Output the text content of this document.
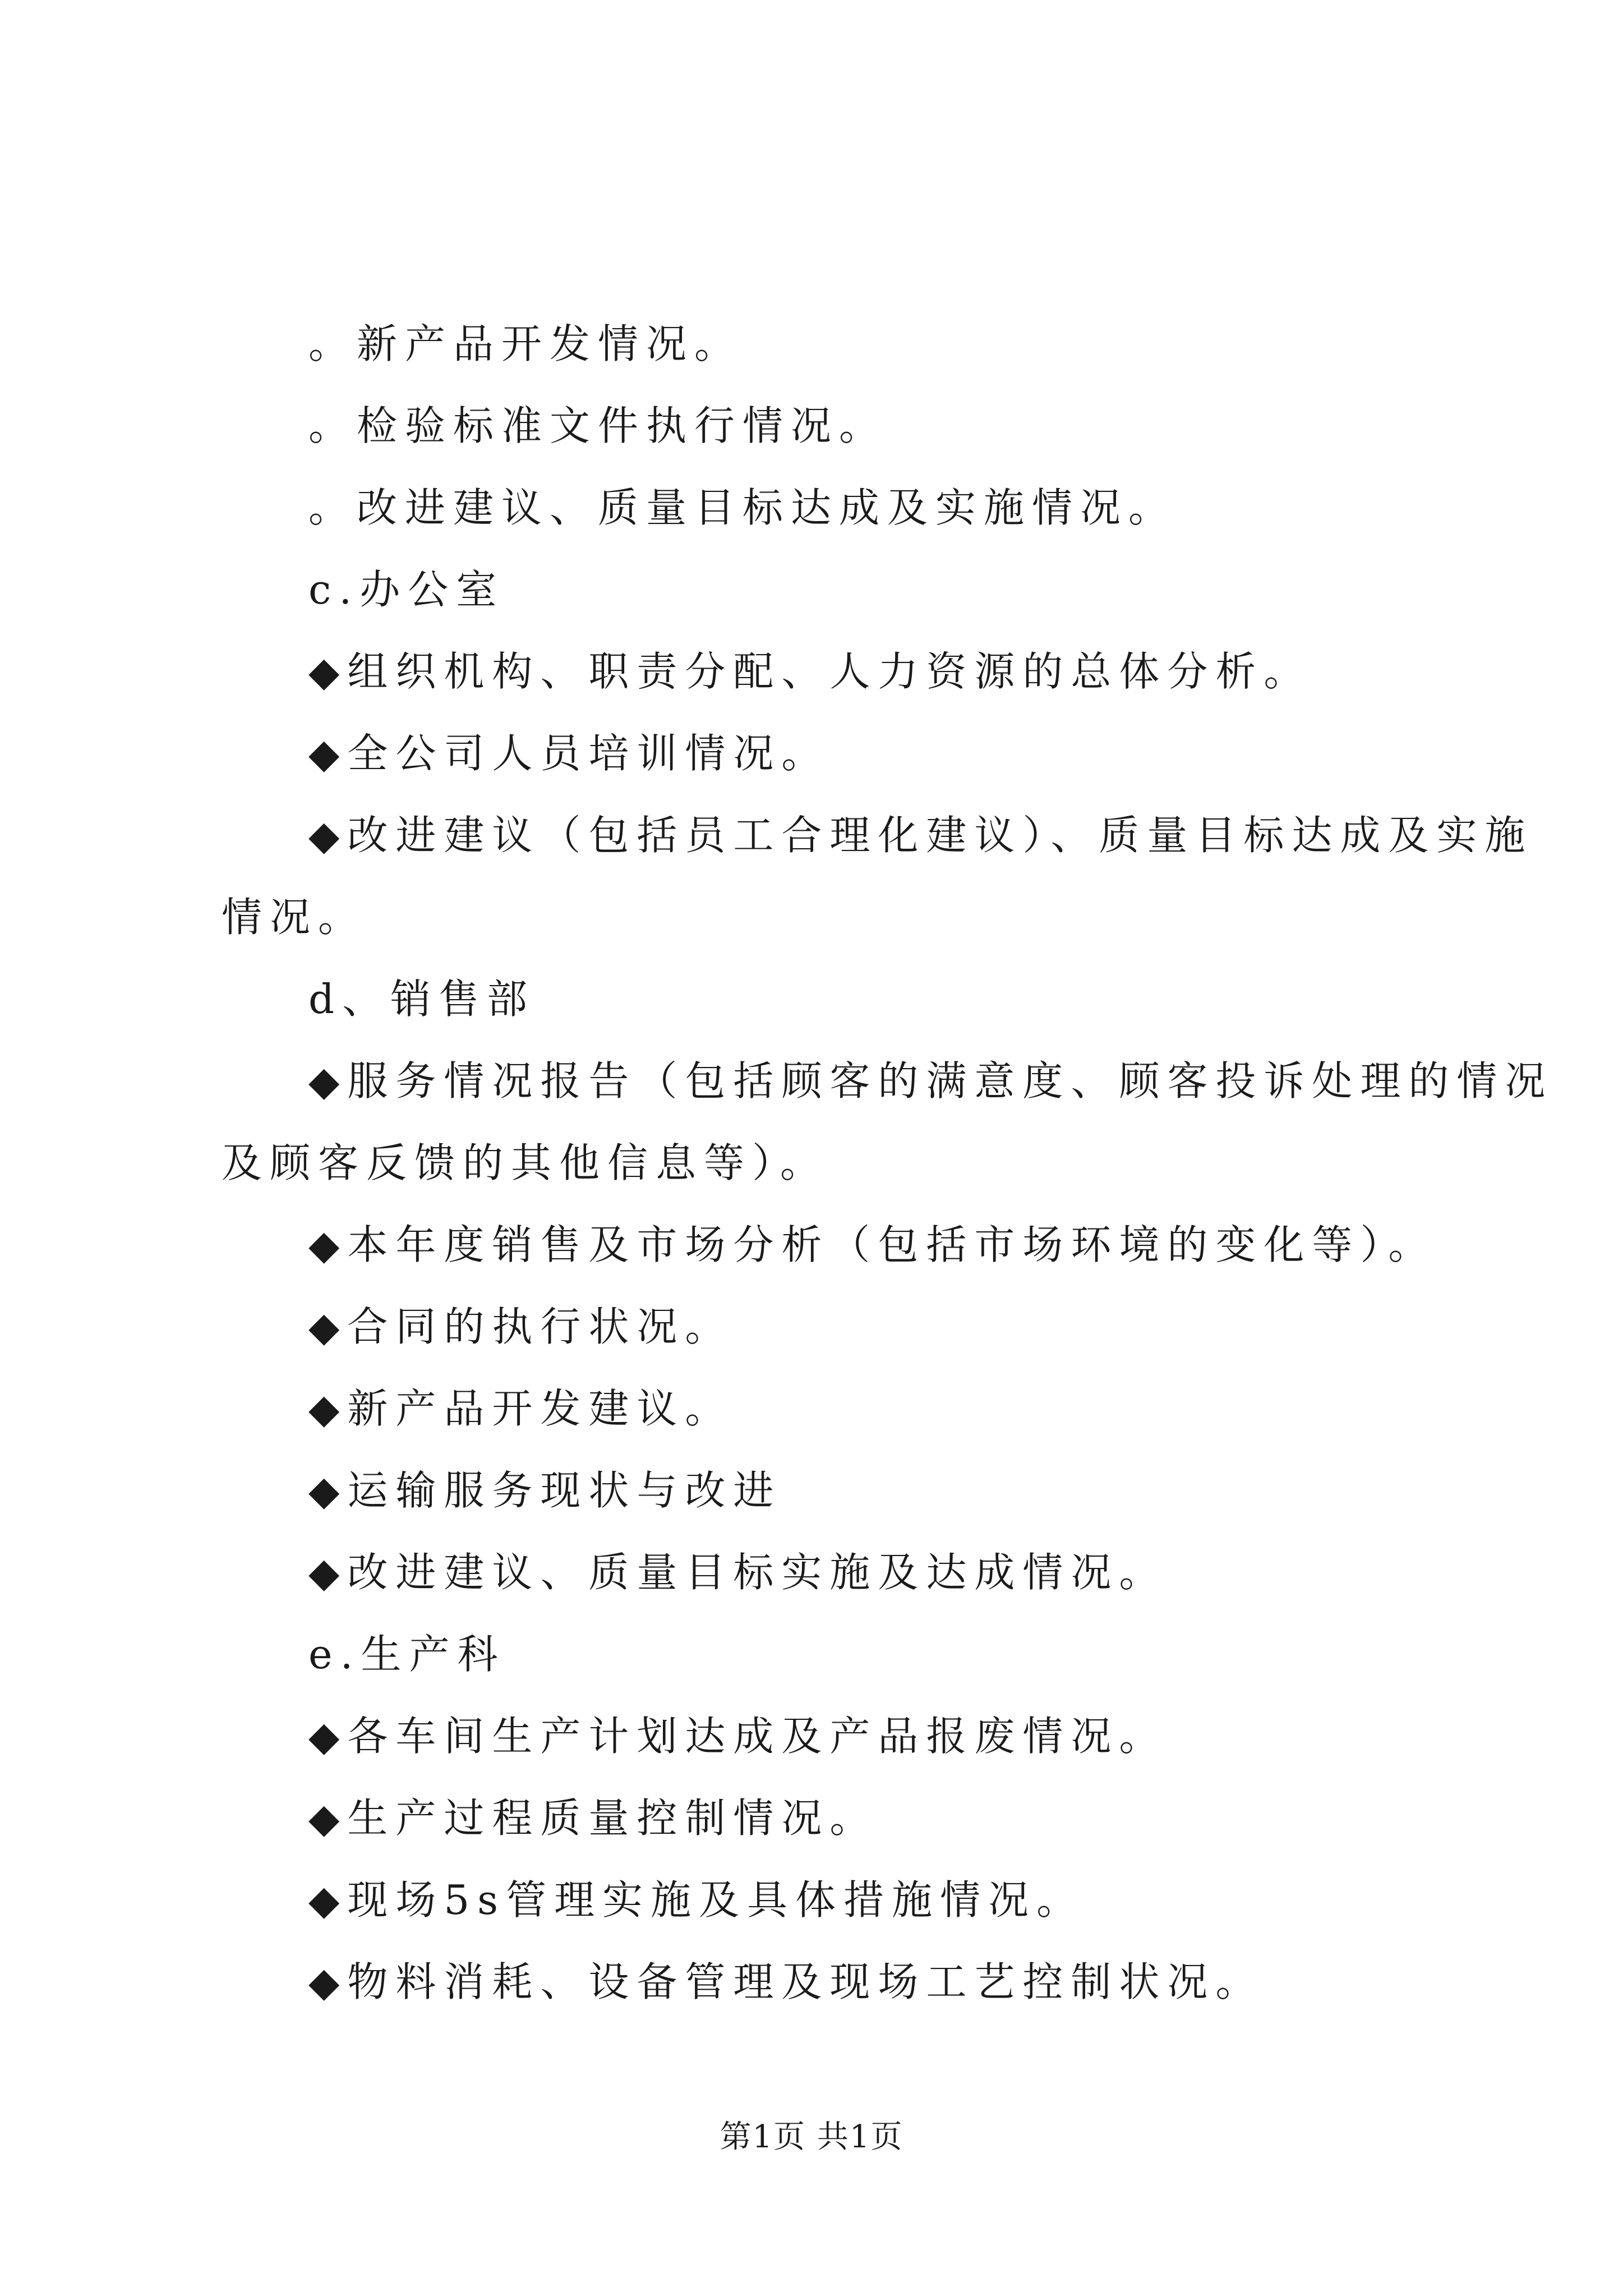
。新产品开发情况。
。检验标准文件执行情况。
。改进建议、质量目标达成及实施情况。
c.办公室
◆组织机构、职责分配、人力资源的总体分析。
◆全公司人员培训情况。
◆改进建议（包括员工合理化建议）、质量目标达成及实施
情况。
d、销售部
◆服务情况报告（包括顾客的满意度、顾客投诉处理的情况
及顾客反馈的其他信息等）。
◆本年度销售及市场分析（包括市场环境的变化等）。
◆合同的执行状况。
◆新产品开发建议。
◆运输服务现状与改进
◆改进建议、质量目标实施及达成情况。
e.生产科
◆各车间生产计划达成及产品报废情况。
◆生产过程质量控制情况。
◆现场5s管理实施及具体措施情况。
◆物料消耗、设备管理及现场工艺控制状况。
第1页 共1页
